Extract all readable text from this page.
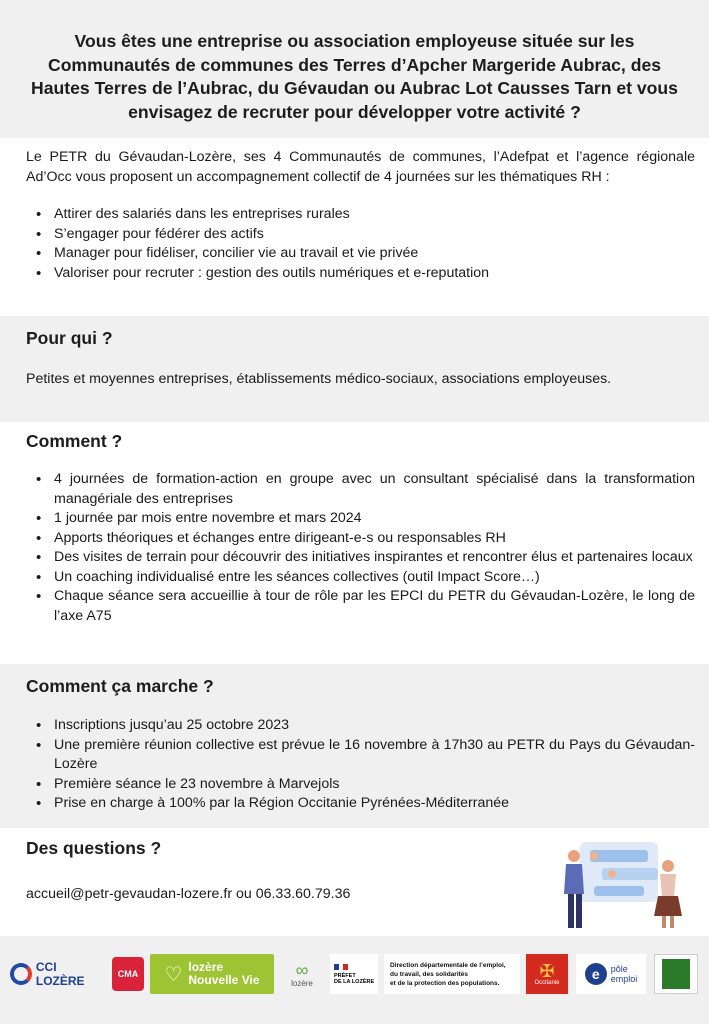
Vous êtes une entreprise ou association employeuse située sur les Communautés de communes des Terres d’Apcher Margeride Aubrac, des Hautes Terres de l’Aubrac, du Gévaudan ou Aubrac Lot Causses Tarn et vous envisagez de recruter pour développer votre activité ?

Le PETR du Gévaudan-Lozère, ses 4 Communautés de communes, l’Adefpat et l’agence régionale Ad’Occ vous proposent un accompagnement collectif de 4 journées sur les thématiques RH :

• Attirer des salariés dans les entreprises rurales
• S’engager pour fédérer des actifs
• Manager pour fidéliser, concilier vie au travail et vie privée
• Valoriser pour recruter : gestion des outils numériques et e-reputation
Pour qui ?

Petites et moyennes entreprises, établissements médico-sociaux, associations employeuses.

Comment ?
• 4 journées de formation-action en groupe avec un consultant spécialisé dans la transformation managériale des entreprises
• 1 journée par mois entre novembre et mars 2024
• Apports théoriques et échanges entre dirigeant-e-s ou responsables RH
• Des visites de terrain pour découvrir des initiatives inspirantes et rencontrer élus et partenaires locaux
• Un coaching individualisé entre les séances collectives (outil Impact Score…)
• Chaque séance sera accueillie à tour de rôle par les EPCI du PETR du Gévaudan-Lozère, le long de l’axe A75
Comment ça marche ?
• Inscriptions jusqu’au 25 octobre 2023
• Une première réunion collective est prévue le 16 novembre à 17h30 au PETR du Pays du Gévaudan-Lozère
• Première séance le 23 novembre à Marvejols
• Prise en charge à 100% par la Région Occitanie Pyrénées-Méditerranée
Des questions ?
accueil@petr-gevaudan-lozere.fr ou 06.33.60.79.36
CCI LOZÈRE	CMA ♡ lozère
Nouvelle Vie
∞
lozère
PRÉFET
DE LA LOZÈRE
Direction départementale de l’emploi,
du travail, des solidarités
et de la protection des populations.
✠
Occitanie
e	pôle
emploi
